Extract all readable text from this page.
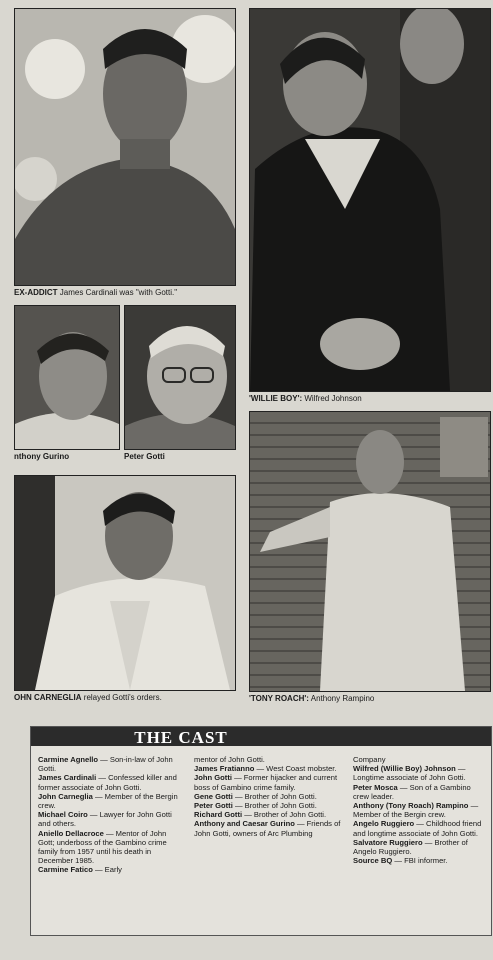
EX-ADDICT James Cardinali was "with Gotti."
'WILLIE BOY': Wilfred Johnson
nthony Gurino	Peter Gotti
OHN CARNEGLIA relayed Gotti's orders.	'TONY ROACH': Anthony Rampino
THE CAST
Carmine Agnello — Son-in-law of John Gotti.
James Cardinali — Confessed killer and former associate of John Gotti.
John Carneglia — Member of the Bergin crew.
Michael Coiro — Lawyer for John Gotti and others.
Aniello Dellacroce — Mentor of John Gott; underboss of the Gambino crime family from 1957 until his death in December 1985.
Carmine Fatico — Early
mentor of John Gotti.
James Fratianno — West Coast mobster.
John Gotti — Former hijacker and current boss of Gambino crime family.
Gene Gotti — Brother of John Gotti.
Peter Gotti — Brother of John Gotti.
Richard Gotti — Brother of John Gotti.
Anthony and Caesar Gurino — Friends of John Gotti, owners of Arc Plumbing
Company
Wilfred (Willie Boy) Johnson — Longtime associate of John Gotti.
Peter Mosca — Son of a Gambino crew leader.
Anthony (Tony Roach) Rampino — Member of the Bergin crew.
Angelo Ruggiero — Childhood friend and longtime associate of John Gotti.
Salvatore Ruggiero — Brother of Angelo Ruggiero.
Source BQ — FBI informer.
